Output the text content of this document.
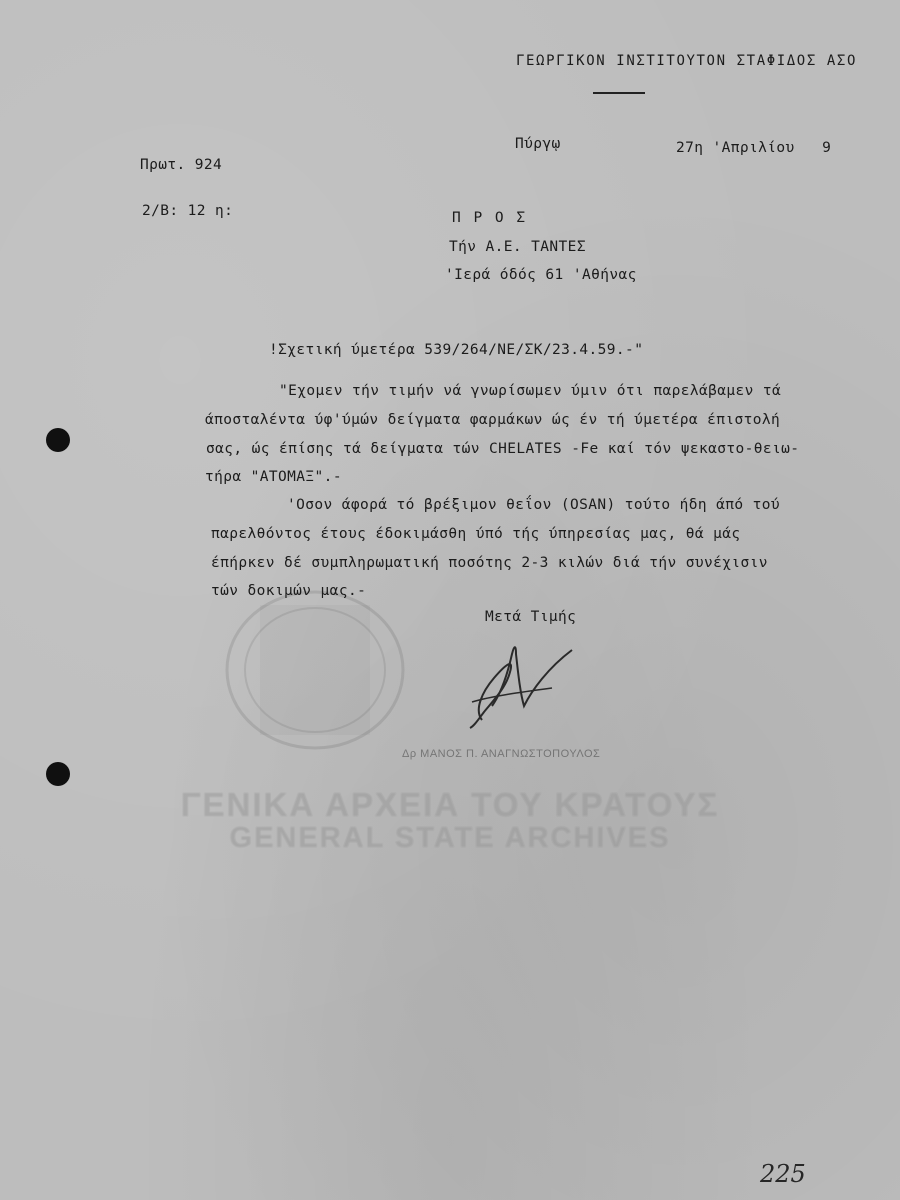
ΓΕΩΡΓΙΚΟΝ ΙΝΣΤΙΤΟΥΤΟΝ ΣΤΑΦΙΔΟΣ ΑΣΟ
Πύργῳ	27η 'Απριλίου   9
Πρωτ. 924
2/Β: 12 η:	Π Ρ Ο Σ
Τήν Α.Ε. ΤΑΝΤΕΣ
'Ιερά όδός 61 'Αθήνας
!Σχετική ύμετέρα 539/264/ΝΕ/ΣΚ/23.4.59.-"
"Εχομεν τήν τιμήν νά γνωρίσωμεν ύμιν ότι παρελάβαμεν τά
άποσταλέντα ύφ'ύμών δείγματα φαρμάκων ώς έν τή ύμετέρα έπιστολή
σας, ώς έπίσης τά δείγματα τών CHELATES -Fe καί τόν ψεκαστο-θειω-
τήρα "ΑΤΟΜΑΞ".-
'Οσον άφορά τό βρέξιμον θεΐον (OSAN) τούτο ήδη άπό τού
παρελθόντος έτους έδοκιμάσθη ύπό τής ύπηρεσίας μας, θά μάς
έπήρκεν δέ συμπληρωματική ποσότης 2-3 κιλών διά τήν συνέχισιν
τών δοκιμών μας.-
Μετά Τιμής
Δρ ΜΑΝΟΣ Π. ΑΝΑΓΝΩΣΤΟΠΟΥΛΟΣ
ΓΕΝΙΚΑ ΑΡΧΕΙΑ ΤΟΥ ΚΡΑΤΟΥΣ
GENERAL STATE ARCHIVES
225
